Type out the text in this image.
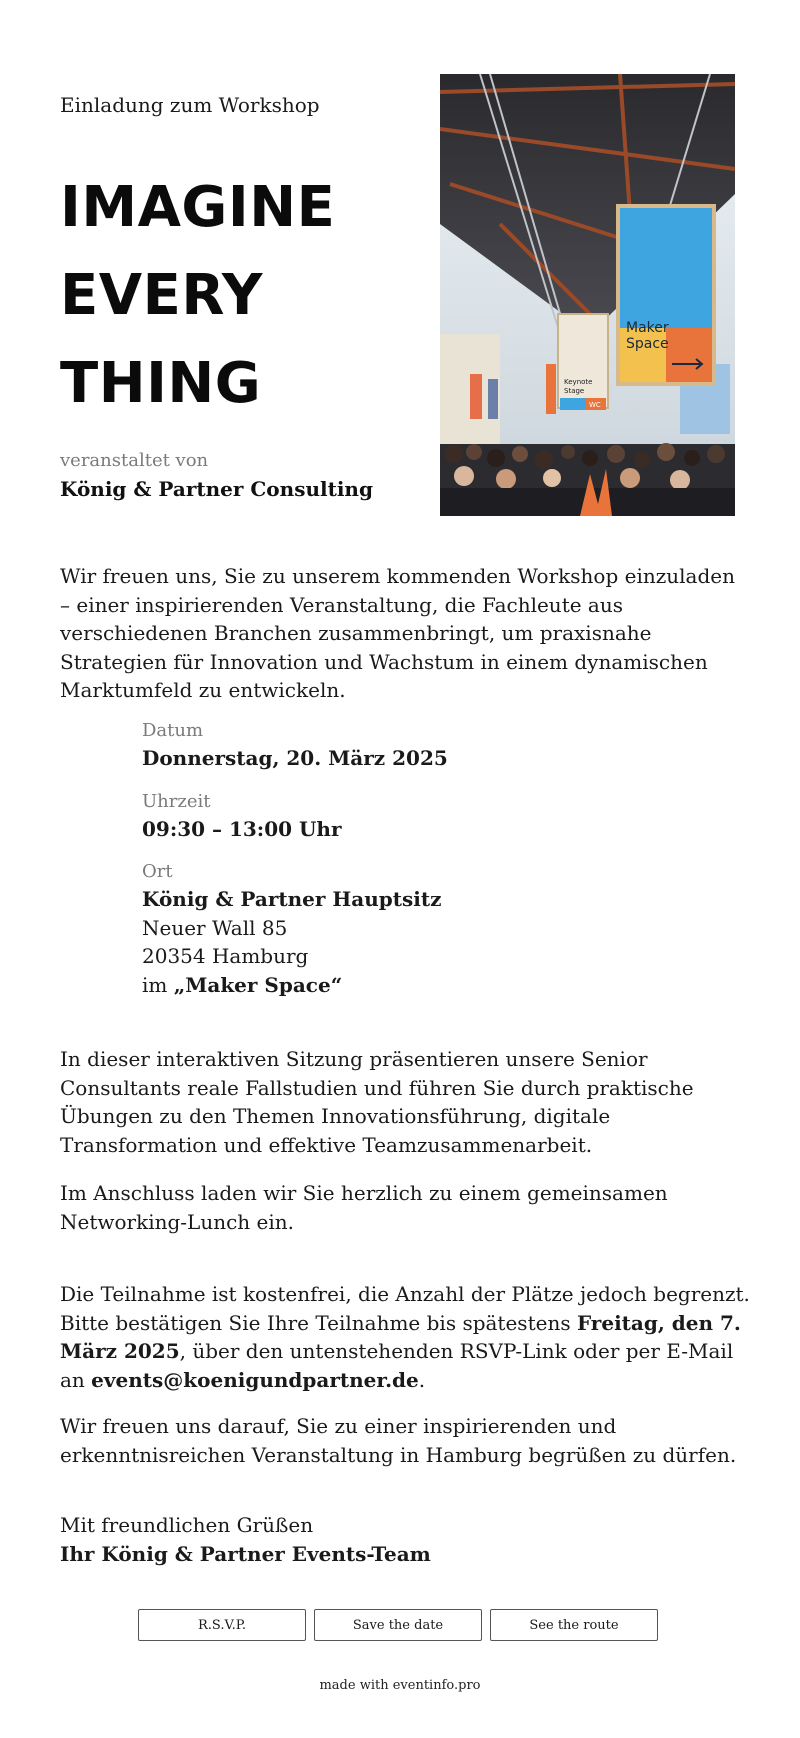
Einladung zum Workshop

IMAGINE
EVERY
THING
veranstaltet von
König & Partner Consulting
Maker
Space
Keynote
Stage
WC

Wir freuen uns, Sie zu unserem kommenden Workshop einzuladen – einer inspirierenden Veranstaltung, die Fachleute aus verschiedenen Branchen zusammenbringt, um praxisnahe Strategien für Innovation und Wachstum in einem dynamischen Marktumfeld zu entwickeln.

Datum
Donnerstag, 20. März 2025
Uhrzeit
09:30 – 13:00 Uhr
Ort
König & Partner Hauptsitz
Neuer Wall 85
20354 Hamburg
im „Maker Space“

In dieser interaktiven Sitzung präsentieren unsere Senior Consultants reale Fallstudien und führen Sie durch praktische Übungen zu den Themen Innovationsführung, digitale Transformation und effektive Teamzusammenarbeit.

Im Anschluss laden wir Sie herzlich zu einem gemeinsamen Networking-Lunch ein.

Die Teilnahme ist kostenfrei, die Anzahl der Plätze jedoch begrenzt. Bitte bestätigen Sie Ihre Teilnahme bis spätestens Freitag, den 7. März 2025, über den untenstehenden RSVP-Link oder per E-Mail an events@koenigundpartner.de.

Wir freuen uns darauf, Sie zu einer inspirierenden und erkenntnisreichen Veranstaltung in Hamburg begrüßen zu dürfen.

Mit freundlichen Grüßen
Ihr König & Partner Events-Team

R.S.V.P.	Save the date	See the route
made with eventinfo.pro
